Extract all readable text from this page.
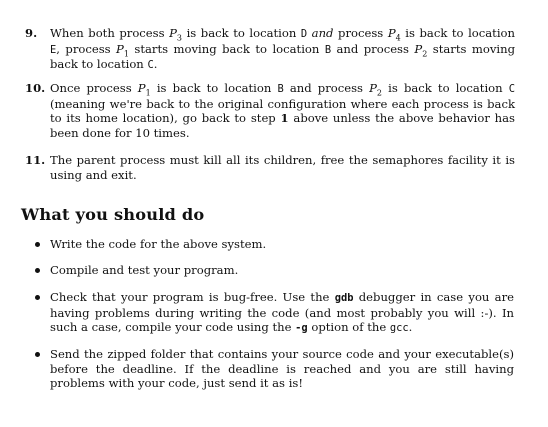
9. When both process $P_3$ is back to location D and process $P_4$ is back to location E, process $P_1$ starts moving back to location B and process $P_2$ starts moving back to location C.
10. Once process $P_1$ is back to location B and process $P_2$ is back to location C (meaning we're back to the original configuration where each process is back to its home location), go back to step 1 above unless the above behavior has been done for 10 times.
11. The parent process must kill all its children, free the semaphores facility it is using and exit.
What you should do
Write the code for the above system.
Compile and test your program.
Check that your program is bug-free. Use the gdb debugger in case you are having problems during writing the code (and most probably you will :-). In such a case, compile your code using the -g option of the gcc.
Send the zipped folder that contains your source code and your executable(s) before the deadline. If the deadline is reached and you are still having problems with your code, just send it as is!
